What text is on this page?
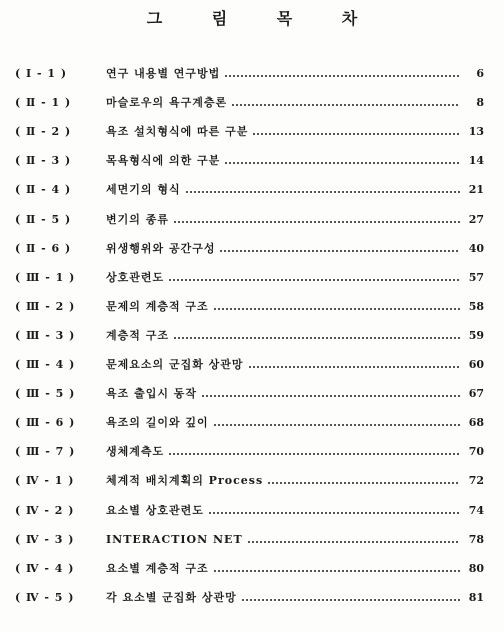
그 림 목 차
( Ⅰ - 1 )	연구 내용별 연구방법	6
( Ⅱ - 1 )	마슬로우의 욕구계층론	8
( Ⅱ - 2 )	욕조 설치형식에 따른 구분	13
( Ⅱ - 3 )	목욕형식에 의한 구분	14
( Ⅱ - 4 )	세면기의 형식	21
( Ⅱ - 5 )	변기의 종류	27
( Ⅱ - 6 )	위생행위와 공간구성	40
( Ⅲ - 1 )	상호관련도	57
( Ⅲ - 2 )	문제의 계층적 구조	58
( Ⅲ - 3 )	계층적 구조	59
( Ⅲ - 4 )	문제요소의 군집화 상관망	60
( Ⅲ - 5 )	욕조 출입시 동작	67
( Ⅲ - 6 )	욕조의 길이와 깊이	68
( Ⅲ - 7 )	생체계측도	70
( Ⅳ - 1 )	체계적 배치계획의 Process	72
( Ⅳ - 2 )	요소별 상호관련도	74
( Ⅳ - 3 )	INTERACTION NET	78
( Ⅳ - 4 )	요소별 계층적 구조	80
( Ⅳ - 5 )	각 요소별 군집화 상관망	81
